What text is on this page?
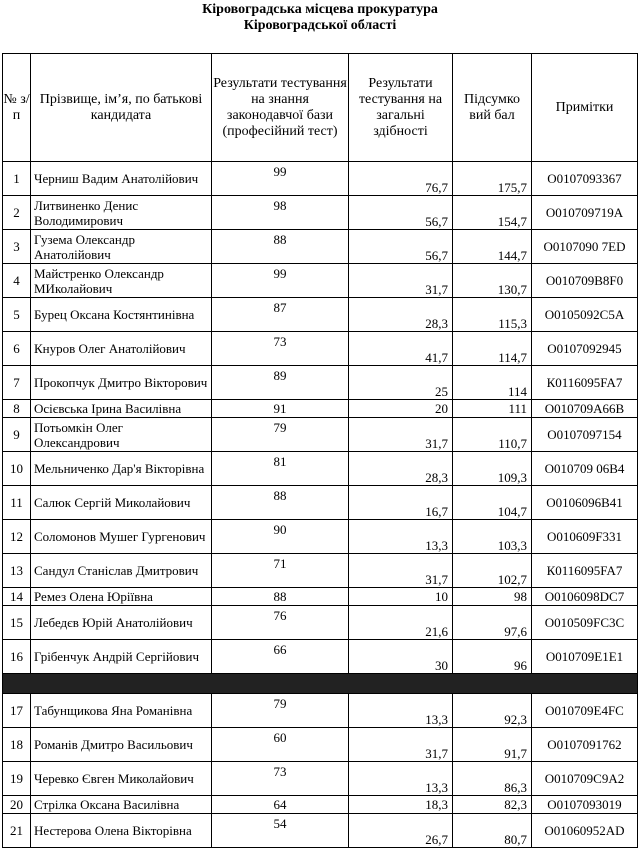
Кіровоградська місцева прокуратура
Кіровоградської області
№ з/ п	Прізвище, ім’я, по батькові кандидата	Результати тестування на знання законодавчої бази (професійний тест)	Результати тестування на загальні здібності	Підсумко вий бал	Примітки
1	Черниш Вадим Анатолійович	99	76,7	175,7	О0107093367
2	Литвиненко Денис Володимирович	98	56,7	154,7	О010709719А
3	Гузема Олександр Анатолійович	88	56,7	144,7	О0107090 7ED
4	Майстренко Олександр МИколайович	99	31,7	130,7	О010709B8F0
5	Бурец Оксана Костянтинівна	87	28,3	115,3	О0105092C5A
6	Кнуров Олег Анатолійович	73	41,7	114,7	О0107092945
7	Прокопчук Дмитро Вікторович	89	25	114	К0116095FA7
8	Осієвська Ірина Василівна	91	20	111	О010709А66В
9	Потьомкін Олег Олександрович	79	31,7	110,7	О0107097154
10	Мельниченко Дар'я Вікторівна	81	28,3	109,3	О010709 06B4
11	Салюк Сергій Миколайович	88	16,7	104,7	О0106096B41
12	Соломонов Мушег Гургенович	90	13,3	103,3	О010609F331
13	Сандул Станіслав Дмитрович	71	31,7	102,7	К0116095FA7
14	Ремез Олена Юріївна	88	10	98	О0106098DC7
15	Лебедєв Юрій Анатолійович	76	21,6	97,6	О010509FC3C
16	Грібенчук Андрій Сергійович	66	30	96	О010709E1E1

17	Табунщикова Яна Романівна	79	13,3	92,3	О010709E4FC
18	Романів Дмитро Васильович	60	31,7	91,7	О0107091762
19	Черевко Євген Миколайович	73	13,3	86,3	О010709C9A2
20	Стрілка Оксана Василівна	64	18,3	82,3	О0107093019
21	Нестерова Олена Вікторівна	54	26,7	80,7	О01060952AD
